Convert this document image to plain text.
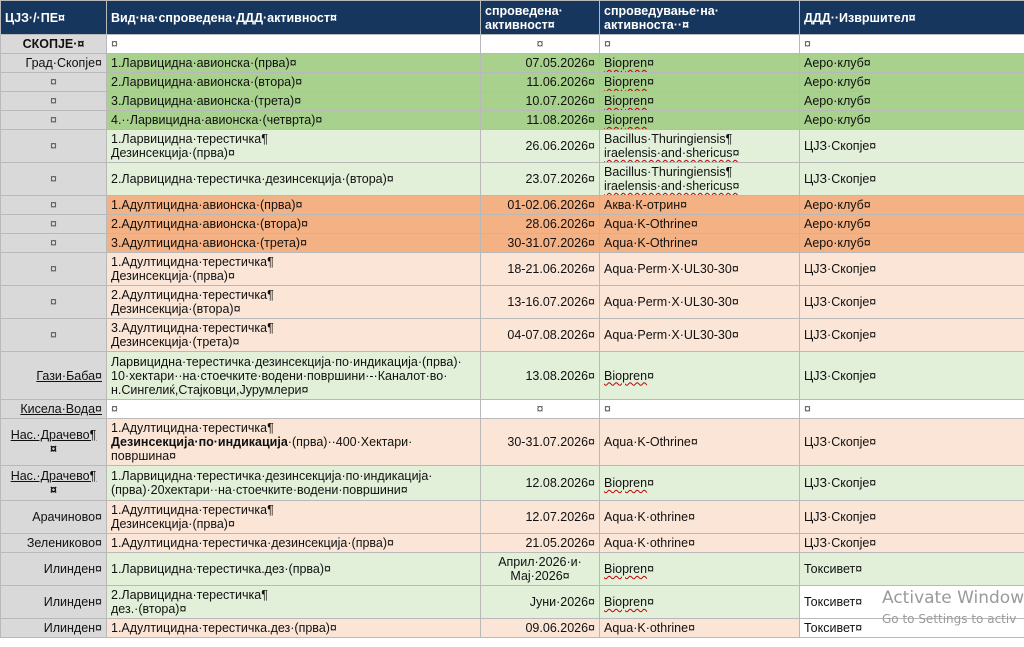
ЦЈЗ·/·ПЕ¤	Вид·на·спроведена·ДДД·активност¤	спроведена· активност¤	спроведување·на· активноста··¤	ДДД··Извршител¤

СКОПЈЕ·¤	¤	¤	¤	¤
Град·Скопје¤	1.Ларвицидна·авионска·(прва)¤	07.05.2026¤	Biopren¤	Аеро·клуб¤
¤	2.Ларвицидна·авионска·(втора)¤	11.06.2026¤	Biopren¤	Аеро·клуб¤
¤	3.Ларвицидна·авионска·(трета)¤	10.07.2026¤	Biopren¤	Аеро·клуб¤
¤	4.··Ларвицидна·авионска·(четврта)¤	11.08.2026¤	Biopren¤	Аеро·клуб¤
¤	1.Ларвицидна·терестичка¶
Дезинсекција·(прва)¤	26.06.2026¤	Bacillus·Thuringiensis¶
iraelensis·and·shericus¤	ЦЈЗ·Скопје¤
¤	2.Ларвицидна·терестичка·дезинсекција·(втора)¤	23.07.2026¤	Bacillus·Thuringiensis¶
iraelensis·and·shericus¤	ЦЈЗ·Скопје¤
¤	1.Адултицидна·авионска·(прва)¤	01-02.06.2026¤	Аква·К-отрин¤	Аеро·клуб¤
¤	2.Адултицидна·авионска·(втора)¤	28.06.2026¤	Aqua·K-Othrine¤	Аеро·клуб¤
¤	3.Адултицидна·авионска·(трета)¤	30-31.07.2026¤	Aqua·K-Othrine¤	Аеро·клуб¤
¤	1.Адултицидна·терестичка¶
Дезинсекција·(прва)¤	18-21.06.2026¤	Aqua·Perm·X·UL30-30¤	ЦЈЗ·Скопје¤
¤	2.Адултицидна·терестичка¶
Дезинсекција·(втора)¤	13-16.07.2026¤	Aqua·Perm·X·UL30-30¤	ЦЈЗ·Скопје¤
¤	3.Адултицидна·терестичка¶
Дезинсекција·(трета)¤	04-07.08.2026¤	Aqua·Perm·X·UL30-30¤	ЦЈЗ·Скопје¤
Гази·Баба¤	Ларвицидна·терестичка·дезинсекција·по·индикација·(прва)·
10·хектари··на·стоечките·водени·површини·-·Каналот·во·
н.Сингелиќ,Стајковци,Јурумлери¤	13.08.2026¤	Biopren¤	ЦЈЗ·Скопје¤
Кисела·Вода¤	¤	¤	¤	¤
Нас.·Драчево¶
¤	1.Адултицидна·терестичка¶
Дезинсекција·по·индикација·(прва)··400·Хектари·
површина¤	30-31.07.2026¤	Aqua·K-Othrine¤	ЦЈЗ·Скопје¤
Нас.·Драчево¶
¤	1.Ларвицидна·терестичка·дезинсекција·по·индикација·
(прва)·20хектари··на·стоечките·водени·површини¤	12.08.2026¤	Biopren¤	ЦЈЗ·Скопје¤
Арачиново¤	1.Адултицидна·терестичка¶
Дезинсекција·(прва)¤	12.07.2026¤	Aqua·K·othrine¤	ЦЈЗ·Скопје¤
Зелениково¤	1.Адултицидна·терестичка·дезинсекција·(прва)¤	21.05.2026¤	Aqua·K·othrine¤	ЦЈЗ·Скопје¤
Илинден¤	1.Ларвицидна·терестичка.дез·(прва)¤	Април·2026·и·
Мај·2026¤	Biopren¤	Токсивет¤
Илинден¤	2.Ларвицидна·терестичка¶
дез.·(втора)¤	Јуни·2026¤	Biopren¤	Токсивет¤
Илинден¤	1.Адултицидна·терестичка.дез·(прва)¤	09.06.2026¤	Aqua·K·othrine¤	Токсивет¤
Activate Window
Go to Settings to activ
